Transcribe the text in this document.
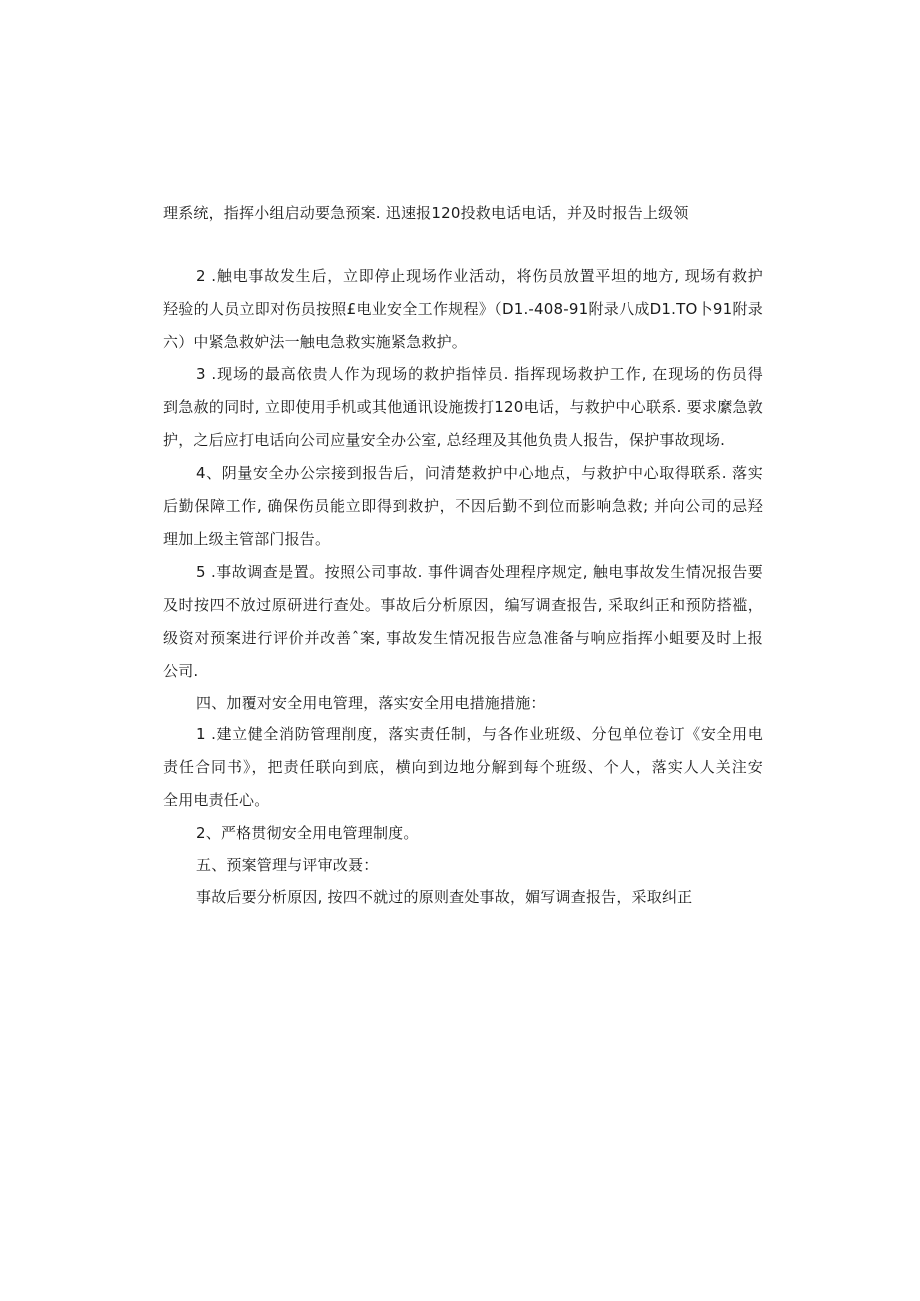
理系统，指挥小组启动要急预案. 迅速报120投救电话电话，并及时报告上级领
2 .触电事故发生后，立即停止现场作业活动，将伤员放置平坦的地方, 现场有救护
羟验的人员立即对伤员按照£电业安全工作规程》（D1.-408-91附录八成D1.TO卜91附录
六）中紧急救妒法一触电急救实施紧急救护。
3 .现场的最高依贵人作为现场的救护指悻员. 指挥现场救护工作, 在现场的伤员得
到急赦的同时, 立即使用手机或其他通讯设施拨打120电话，与救护中心联系. 要求縻急敦
护，之后应打电话向公司应量安全办公室, 总经理及其他负贵人报告，保护事故现场.
4、阴量安全办公宗接到报告后，问清楚救护中心地点，与救护中心取得联系. 落实
后勤保障工作, 确保伤员能立即得到救护，不因后勤不到位而影响急救; 并向公司的忌羟
理加上级主管部门报告。
5 .事故调查是置。按照公司事故. 事件调杳处理程序规定, 触电事故发生情况报告要
及时按四不放过原研进行查处。事故后分析原因，编写调查报告, 采取纠正和预防搭褴，
级资对预案进行评价并改善ˆ案, 事故发生情况报告应急准备与响应指挥小蛆要及时上报
公司.
四、加覆对安全用电管理，落实安全用电措施措施：
1 .建立健全消防管理削度，落实责任制，与各作业班级、分包单位卷订《安全用电
责任合同书》，把责任联向到底，横向到边地分解到每个班级、个人，落实人人关注安
全用电责任心。
2、严格贯彻安全用电管理制度。
五、预案管理与评审改聂：
事故后要分析原因, 按四不就过的原则查处事故，媚写调查报告，采取纠正
